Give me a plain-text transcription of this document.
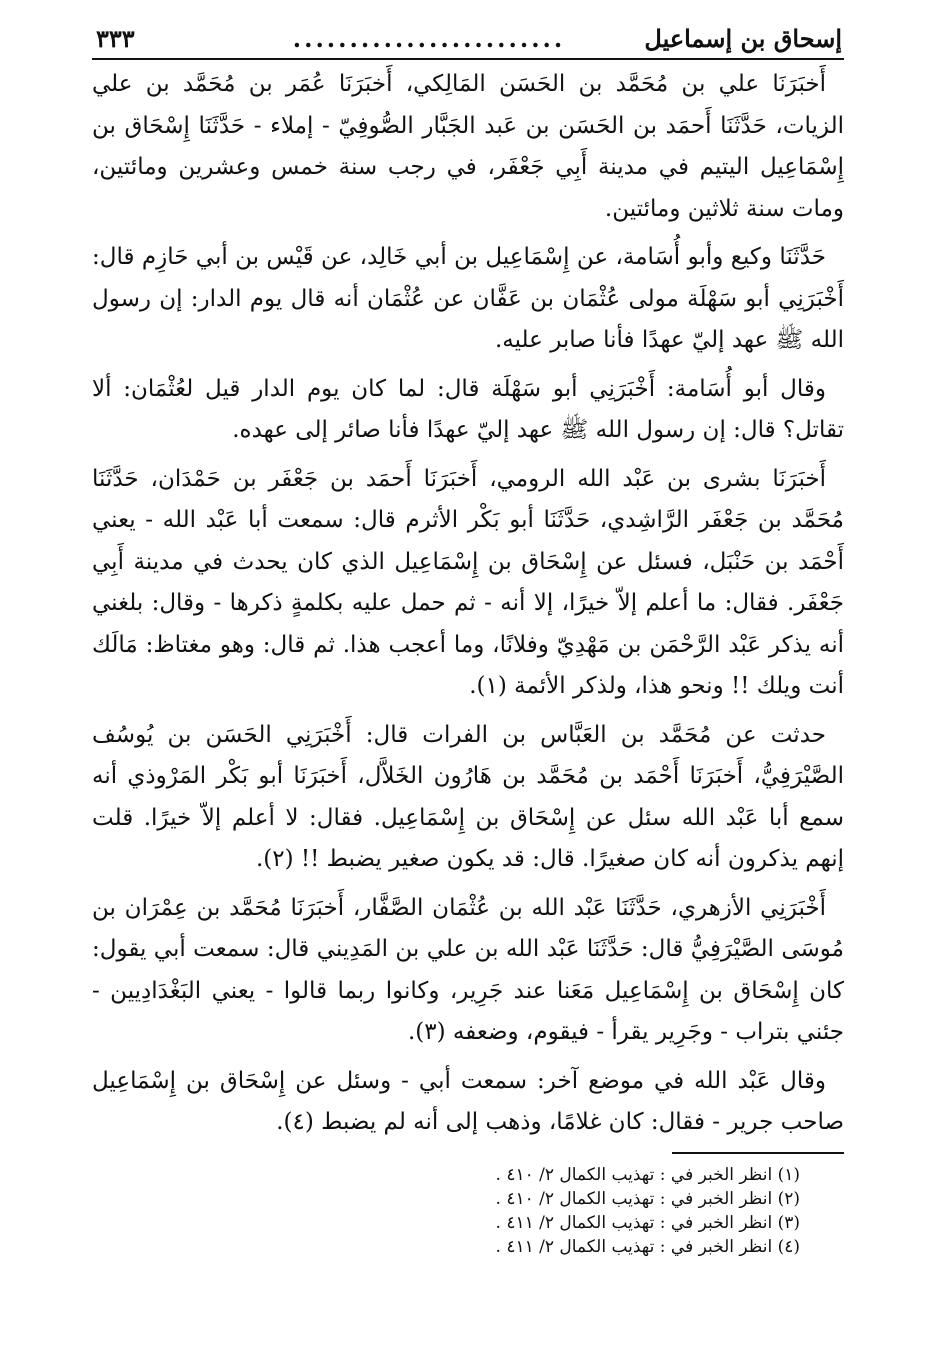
إسحاق بن إسماعيل
........................
٣٣٣

أَخبَرَنَا علي بن مُحَمَّد بن الحَسَن المَالِكي، أَخبَرَنَا عُمَر بن مُحَمَّد بن علي الزيات، حَدَّثَنَا أَحمَد بن الحَسَن بن عَبد الجَبَّار الصُّوفِيّ - إملاء - حَدَّثَنَا إِسْحَاق بن إِسْمَاعِيل اليتيم في مدينة أَبِي جَعْفَر، في رجب سنة خمس وعشرين ومائتين، ومات سنة ثلاثين ومائتين.

حَدَّثَنَا وكيع وأبو أُسَامة، عن إِسْمَاعِيل بن أبي خَالِد، عن قَيْس بن أبي حَازِم قال: أَخْبَرَنِي أبو سَهْلَة مولى عُثْمَان بن عَفَّان عن عُثْمَان أنه قال يوم الدار: إن رسول الله ﷺ عهد إليّ عهدًا فأنا صابر عليه.

وقال أبو أُسَامة: أَخْبَرَنِي أبو سَهْلَة قال: لما كان يوم الدار قيل لعُثْمَان: ألا تقاتل؟ قال: إن رسول الله ﷺ عهد إليّ عهدًا فأنا صائر إلى عهده.

أَخبَرَنَا بشرى بن عَبْد الله الرومي، أَخبَرَنَا أَحمَد بن جَعْفَر بن حَمْدَان، حَدَّثَنَا مُحَمَّد بن جَعْفَر الرَّاشِدي، حَدَّثَنَا أبو بَكْر الأثرم قال: سمعت أبا عَبْد الله - يعني أَحْمَد بن حَنْبَل، فسئل عن إِسْحَاق بن إِسْمَاعِيل الذي كان يحدث في مدينة أَبِي جَعْفَر. فقال: ما أعلم إلاّ خيرًا، إلا أنه - ثم حمل عليه بكلمةٍ ذكرها - وقال: بلغني أنه يذكر عَبْد الرَّحْمَن بن مَهْدِيّ وفلانًا، وما أعجب هذا. ثم قال: وهو مغتاظ: مَالَك أنت ويلك !! ونحو هذا، ولذكر الأئمة (١).

حدثت عن مُحَمَّد بن العَبَّاس بن الفرات قال: أَخْبَرَنِي الحَسَن بن يُوسُف الصَّيْرَفِيُّ، أَخبَرَنَا أَحْمَد بن مُحَمَّد بن هَارُون الخَلاَّل، أَخبَرَنَا أبو بَكْر المَرْوذي أنه سمع أبا عَبْد الله سئل عن إِسْحَاق بن إِسْمَاعِيل. فقال: لا أعلم إلاّ خيرًا. قلت إنهم يذكرون أنه كان صغيرًا. قال: قد يكون صغير يضبط !! (٢).

أَخْبَرَنِي الأزهري، حَدَّثَنَا عَبْد الله بن عُثْمَان الصَّفَّار، أَخبَرَنَا مُحَمَّد بن عِمْرَان بن مُوسَى الصَّيْرَفِيُّ قال: حَدَّثَنَا عَبْد الله بن علي بن المَدِيني قال: سمعت أبي يقول: كان إِسْحَاق بن إِسْمَاعِيل مَعَنا عند جَرِير، وكانوا ربما قالوا - يعني البَغْدَادِيين - جئني بتراب - وجَرِير يقرأ - فيقوم، وضعفه (٣).

وقال عَبْد الله في موضع آخر: سمعت أبي - وسئل عن إِسْحَاق بن إِسْمَاعِيل صاحب جرير - فقال: كان غلامًا، وذهب إلى أنه لم يضبط (٤).

(١) انظر الخبر في : تهذيب الكمال ٢/ ٤١٠ .

(٢) انظر الخبر في : تهذيب الكمال ٢/ ٤١٠ .

(٣) انظر الخبر في : تهذيب الكمال ٢/ ٤١١ .

(٤) انظر الخبر في : تهذيب الكمال ٢/ ٤١١ .
